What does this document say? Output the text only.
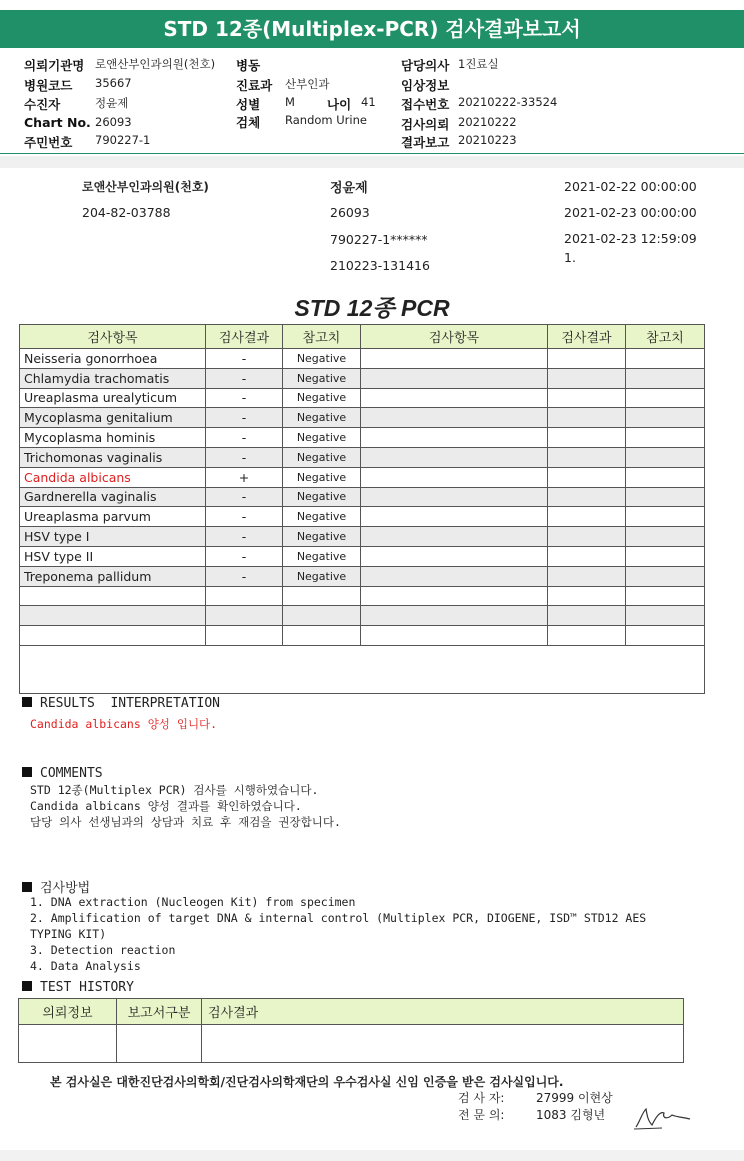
STD 12종(Multiplex-PCR) 검사결과보고서
의뢰기관명 로앤산부인과의원(천호) 병동	담당의사 1진료실
병원코드 35667	진료과 산부인과	임상정보
수진자	정윤제	성별 M	나이 41 접수번호 20210222-33524
Chart No. 26093	검체 Random Urine	검사의뢰 20210222
주민번호 790227-1	결과보고 20210223
로앤산부인과의원(천호)
204-82-03788
정윤제
26093
790227-1******
210223-131416
2021-02-22 00:00:00
2021-02-23 00:00:00
2021-02-23 12:59:09
1.
STD 12종 PCR
검사항목	검사결과	참고치	검사항목	검사결과	참고치
Neisseria gonorrhoea	-	Negative			
Chlamydia trachomatis	-	Negative			
Ureaplasma urealyticum	-	Negative			
Mycoplasma genitalium	-	Negative			
Mycoplasma hominis	-	Negative			
Trichomonas vaginalis	-	Negative			
Candida albicans	+	Negative			
Gardnerella vaginalis	-	Negative			
Ureaplasma parvum	-	Negative			
HSV type I	-	Negative			
HSV type II	-	Negative			
Treponema pallidum	-	Negative			

RESULTS  INTERPRETATION
Candida albicans 양성 입니다.
COMMENTS
STD 12종(Multiplex PCR) 검사를 시행하였습니다.
Candida albicans 양성 결과를 확인하였습니다.
담당 의사 선생님과의 상담과 치료 후 재검을 권장합니다.
검사방법
1. DNA extraction (Nucleogen Kit) from specimen
2. Amplification of target DNA & internal control (Multiplex PCR, DIOGENE, ISD™ STD12 AES
TYPING KIT)
3. Detection reaction
4. Data Analysis
TEST HISTORY
의뢰정보	보고서구분	검사결과

본 검사실은 대한진단검사의학회/진단검사의학재단의 우수검사실 신임 인증을 받은 검사실입니다.
검 사 자:	27999 이현상
전 문 의:	1083 김형년
